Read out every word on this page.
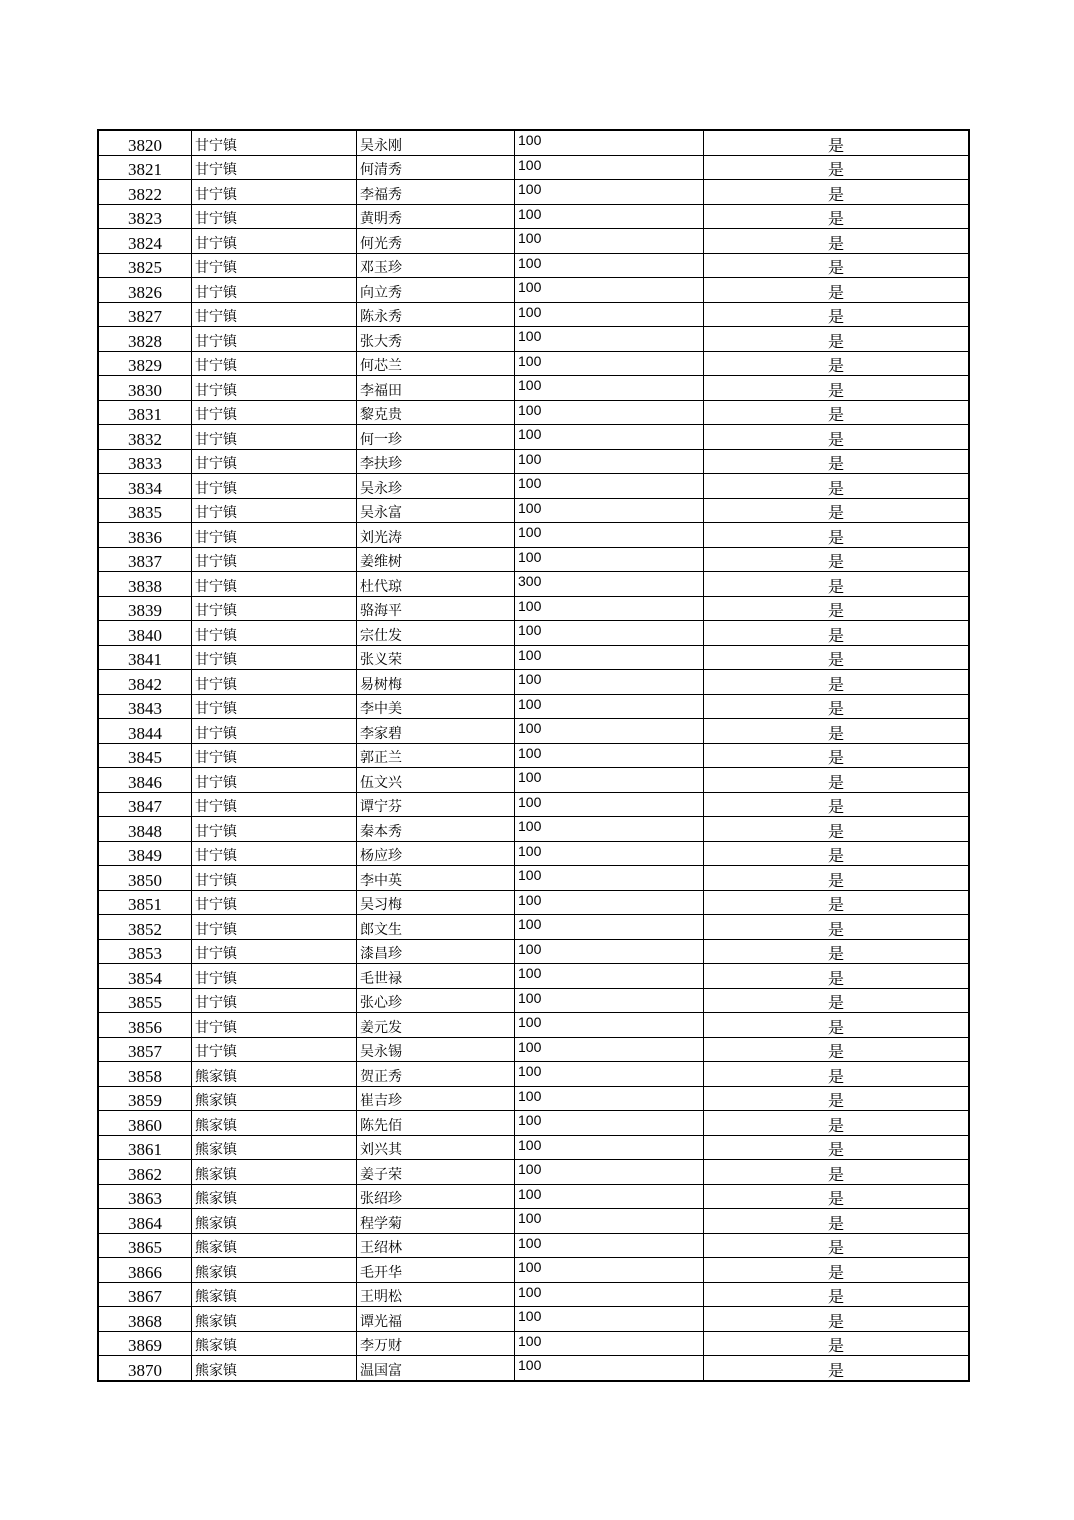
3820	甘宁镇	吴永刚	100	是
3821	甘宁镇	何清秀	100	是
3822	甘宁镇	李福秀	100	是
3823	甘宁镇	黄明秀	100	是
3824	甘宁镇	何光秀	100	是
3825	甘宁镇	邓玉珍	100	是
3826	甘宁镇	向立秀	100	是
3827	甘宁镇	陈永秀	100	是
3828	甘宁镇	张大秀	100	是
3829	甘宁镇	何芯兰	100	是
3830	甘宁镇	李福田	100	是
3831	甘宁镇	黎克贵	100	是
3832	甘宁镇	何一珍	100	是
3833	甘宁镇	李扶珍	100	是
3834	甘宁镇	吴永珍	100	是
3835	甘宁镇	吴永富	100	是
3836	甘宁镇	刘光涛	100	是
3837	甘宁镇	姜维树	100	是
3838	甘宁镇	杜代琼	300	是
3839	甘宁镇	骆海平	100	是
3840	甘宁镇	宗仕发	100	是
3841	甘宁镇	张义荣	100	是
3842	甘宁镇	易树梅	100	是
3843	甘宁镇	李中美	100	是
3844	甘宁镇	李家碧	100	是
3845	甘宁镇	郭正兰	100	是
3846	甘宁镇	伍文兴	100	是
3847	甘宁镇	谭宁芬	100	是
3848	甘宁镇	秦本秀	100	是
3849	甘宁镇	杨应珍	100	是
3850	甘宁镇	李中英	100	是
3851	甘宁镇	吴习梅	100	是
3852	甘宁镇	郎文生	100	是
3853	甘宁镇	漆昌珍	100	是
3854	甘宁镇	毛世禄	100	是
3855	甘宁镇	张心珍	100	是
3856	甘宁镇	姜元发	100	是
3857	甘宁镇	吴永锡	100	是
3858	熊家镇	贺正秀	100	是
3859	熊家镇	崔吉珍	100	是
3860	熊家镇	陈先佰	100	是
3861	熊家镇	刘兴其	100	是
3862	熊家镇	姜子荣	100	是
3863	熊家镇	张绍珍	100	是
3864	熊家镇	程学菊	100	是
3865	熊家镇	王绍林	100	是
3866	熊家镇	毛开华	100	是
3867	熊家镇	王明松	100	是
3868	熊家镇	谭光福	100	是
3869	熊家镇	李万财	100	是
3870	熊家镇	温国富	100	是
